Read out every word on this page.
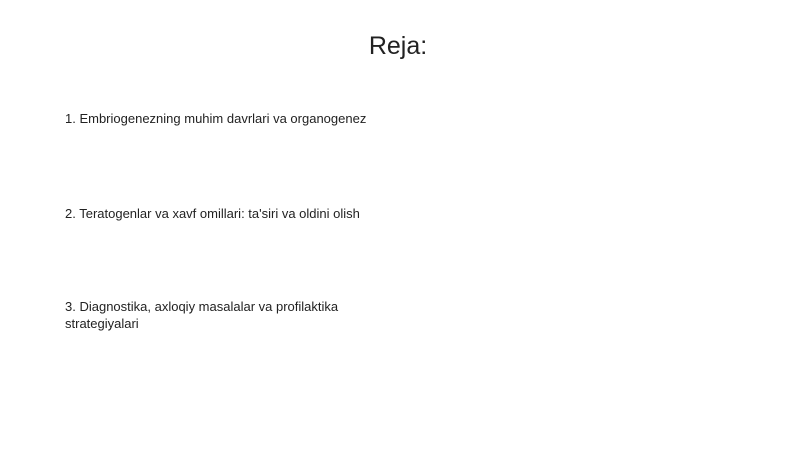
Reja:
1. Embriogenezning muhim davrlari va organogenez
2. Teratogenlar va xavf omillari: ta'siri va oldini olish
3. Diagnostika, axloqiy masalalar va profilaktika strategiyalari
